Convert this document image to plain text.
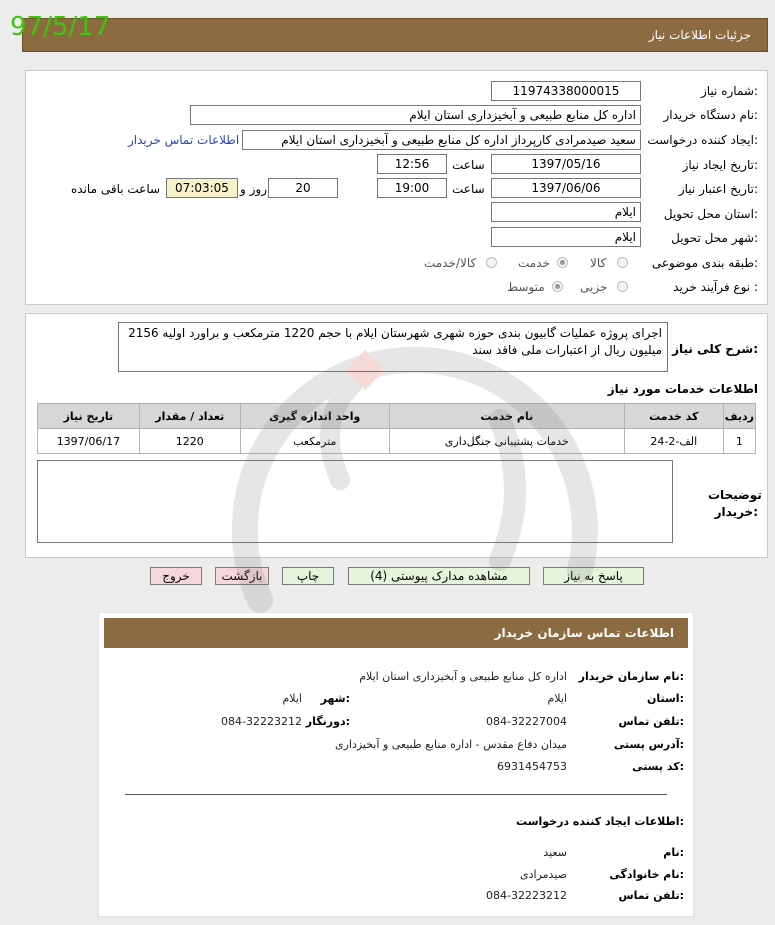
جزئیات اطلاعات نیاز
97/5/17
شماره نیاز:
11974338000015
نام دستگاه خریدار:
اداره کل منابع طبیعی و آبخیزداری استان ایلام
ایجاد کننده درخواست:
سعید صیدمرادی کارپرداز اداره کل منابع طبیعی و آبخیزداری استان ایلام
اطلاعات تماس خریدار
تاریخ ایجاد نیاز:
1397/05/16
ساعت
12:56
تاریخ اعتبار نیاز:
1397/06/06
ساعت
19:00
20
روز و
07:03:05
ساعت باقی مانده
استان محل تحویل:
ایلام
شهر محل تحویل:
ایلام
طبقه بندی موضوعی:
کالا
خدمت
کالا/خدمت
نوع فرآیند خرید :
جزیی
متوسط
شرح کلی نیاز:
اجرای پروژه عملیات گابیون بندی حوزه شهری شهرستان ایلام با حجم 1220 مترمکعب و براورد اولیه 2156 میلیون ریال از اعتبارات ملی فاقد سند
اطلاعات خدمات مورد نیاز
ردیف	کد خدمت	نام خدمت	واحد اندازه گیری	تعداد / مقدار	تاریخ نیاز
1	الف-2-24	خدمات پشتیبانی جنگل‌داری	مترمکعب	1220	1397/06/17
توضیحات خریدار:
پاسخ به نیاز
مشاهده مدارک پیوستی (4)
چاپ
بازگشت
خروج
اطلاعات تماس سازمان خریدار
نام سازمان خریدار:
اداره کل منابع طبیعی و آبخیزداری استان ایلام
استان:
ایلام
شهر:
ایلام
تلفن تماس:
084-32227004
دورنگار:
084-32223212
آدرس پستی:
میدان دفاع مقدس - اداره منابع طبیعی و آبخیزداری
کد پستی:
6931454753
اطلاعات ایجاد کننده درخواست:
نام:
سعید
نام خانوادگی:
صیدمرادی
تلفن تماس:
084-32223212
